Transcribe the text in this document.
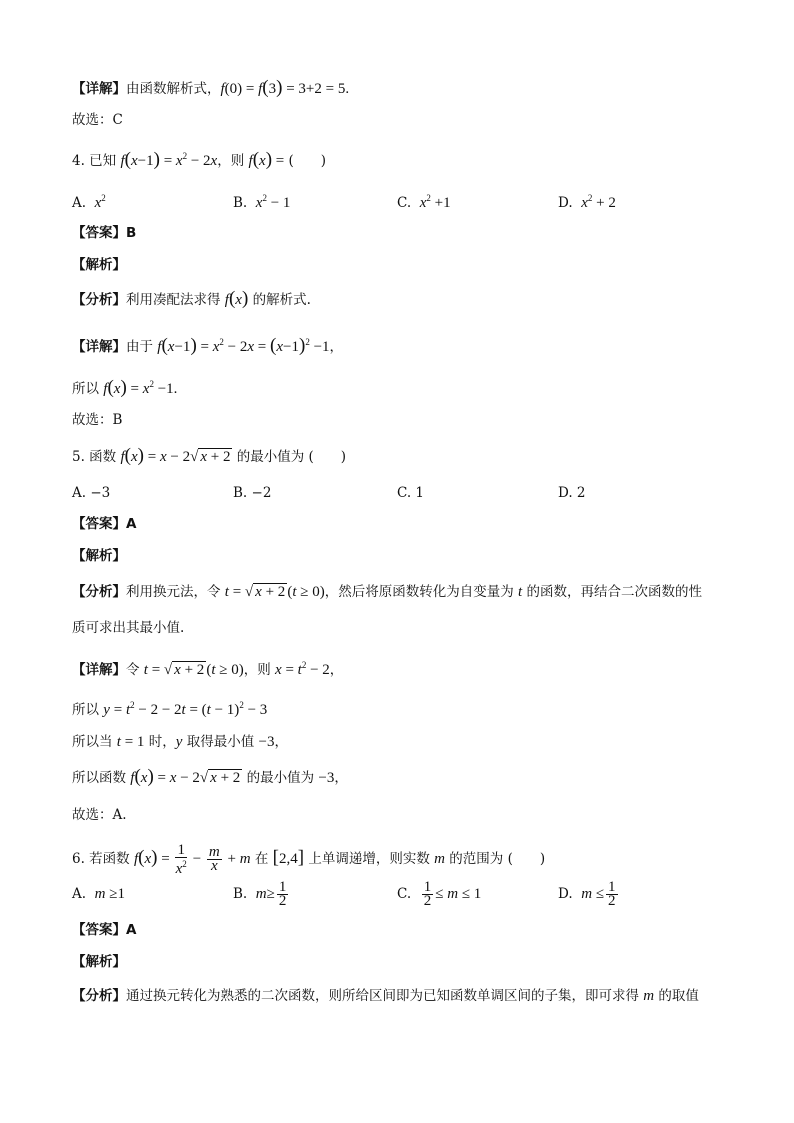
【详解】由函数解析式，f(0) = f(3) = 3+2 = 5.
故选：C
4. 已知 $f(x-1) = x^2 - 2x$，则 f(x) = (　　)
A.  $x^2$	B.  $x^2 - 1$	C.  $x^2 +1$	D.  $x^2 + 2$
【答案】B
【解析】
【分析】利用凑配法求得 f(x) 的解析式.
【详解】由于 $f(x-1) = x^2 - 2x = (x-1)^2 -1$，
所以 $f(x) = x^2 -1$.
故选：B
5. 函数 f(x) = x − 2√ x + 2 的最小值为 (　　)
A. −3	B. −2	C. 1	D. 2
【答案】A
【解析】
【分析】利用换元法，令 t = √ x + 2 (t ≥ 0)，然后将原函数转化为自变量为 t 的函数，再结合二次函数的性
质可求出其最小值.
【详解】令 t = √ x + 2 (t ≥ 0)，则 $x = t^2 - 2$，
所以 $y = t^2 - 2 - 2t = (t - 1)^2 - 3$
所以当 t = 1 时，y 取得最小值 −3，
所以函数 f(x) = x − 2√ x + 2 的最小值为 −3，
故选：A.
6. 若函数 $f(x) = \frac{1}{x^2} - \frac{m}{x} + m$ 在 [2,4] 上单调递增，则实数 m 的范围为 (　　)
A.  m ≥1	B.  $m\ge \frac{1}{2}$	C. $\frac{1}{2} \le m \le 1$	D.  $m \le \frac{1}{2}$
【答案】A
【解析】
【分析】通过换元转化为熟悉的二次函数，则所给区间即为已知函数单调区间的子集，即可求得 m 的取值
